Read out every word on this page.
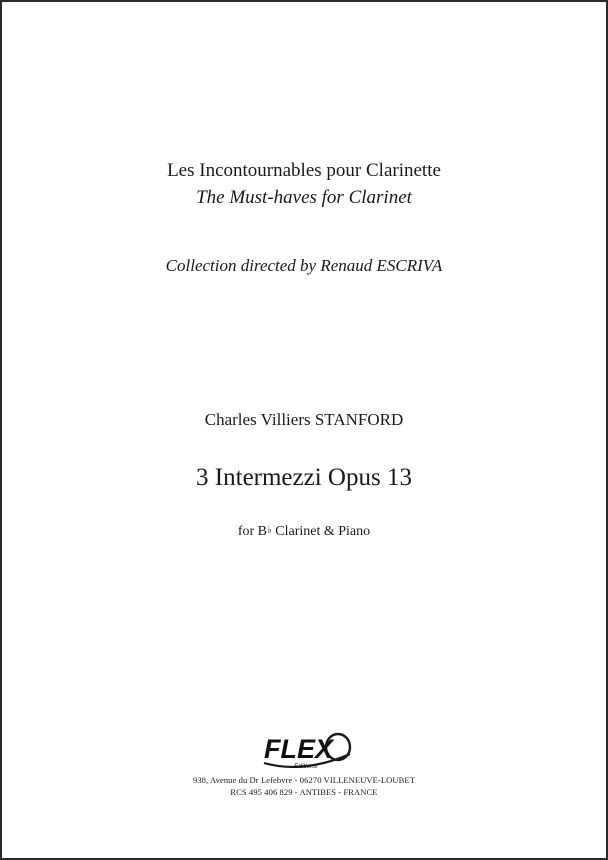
Les Incontournables pour Clarinette
The Must-haves for Clarinet
Collection directed by Renaud ESCRIVA
Charles Villiers STANFORD
3 Intermezzi Opus 13
for B♭ Clarinet & Piano
FLEX
Editions
938, Avenue du Dr Lefebvre - 06270 VILLENEUVE-LOUBET
RCS 495 406 829 - ANTIBES - FRANCE
